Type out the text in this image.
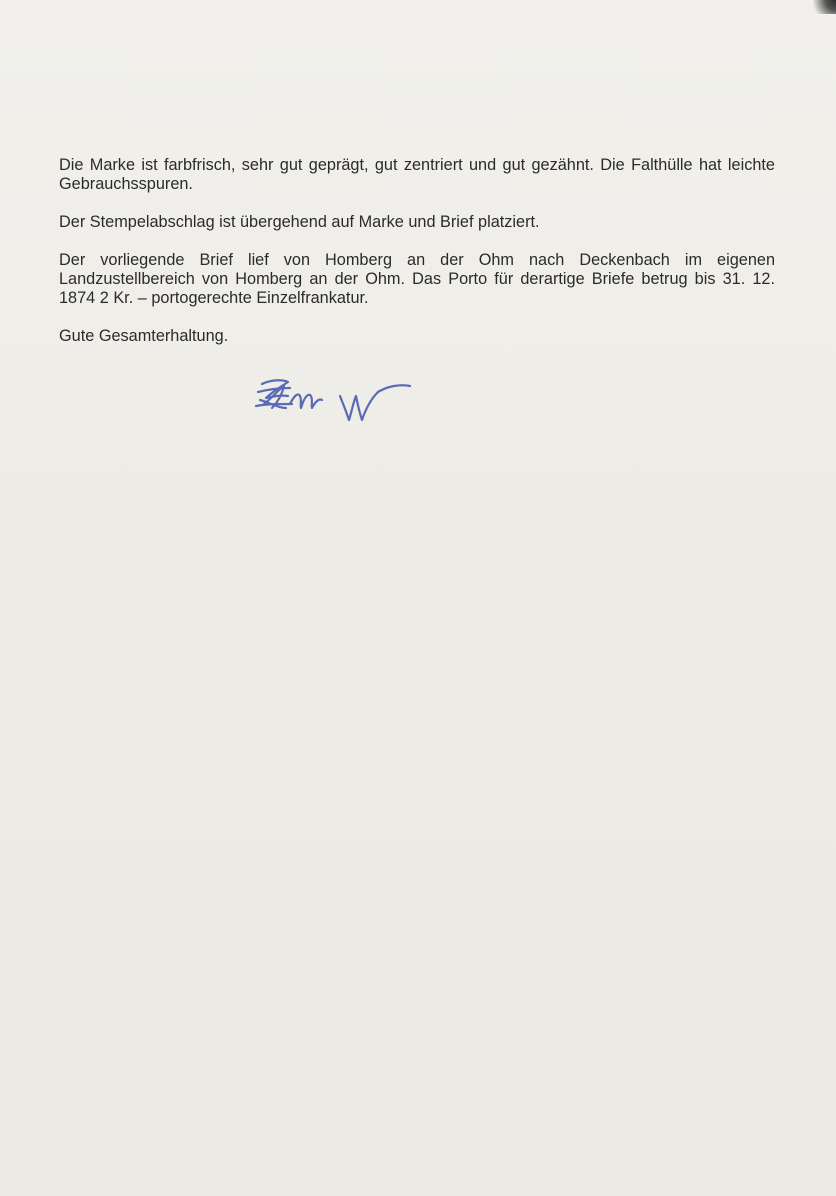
Die Marke ist farbfrisch, sehr gut geprägt, gut zentriert und gut gezähnt. Die Falthülle hat leichte Gebrauchsspuren.

Der Stempelabschlag ist übergehend auf Marke und Brief platziert.

Der vorliegende Brief lief von Homberg an der Ohm nach Deckenbach im eigenen Landzustellbereich von Homberg an der Ohm. Das Porto für derartige Briefe betrug bis 31. 12. 1874 2 Kr. – portogerechte Einzelfrankatur.

Gute Gesamterhaltung.
